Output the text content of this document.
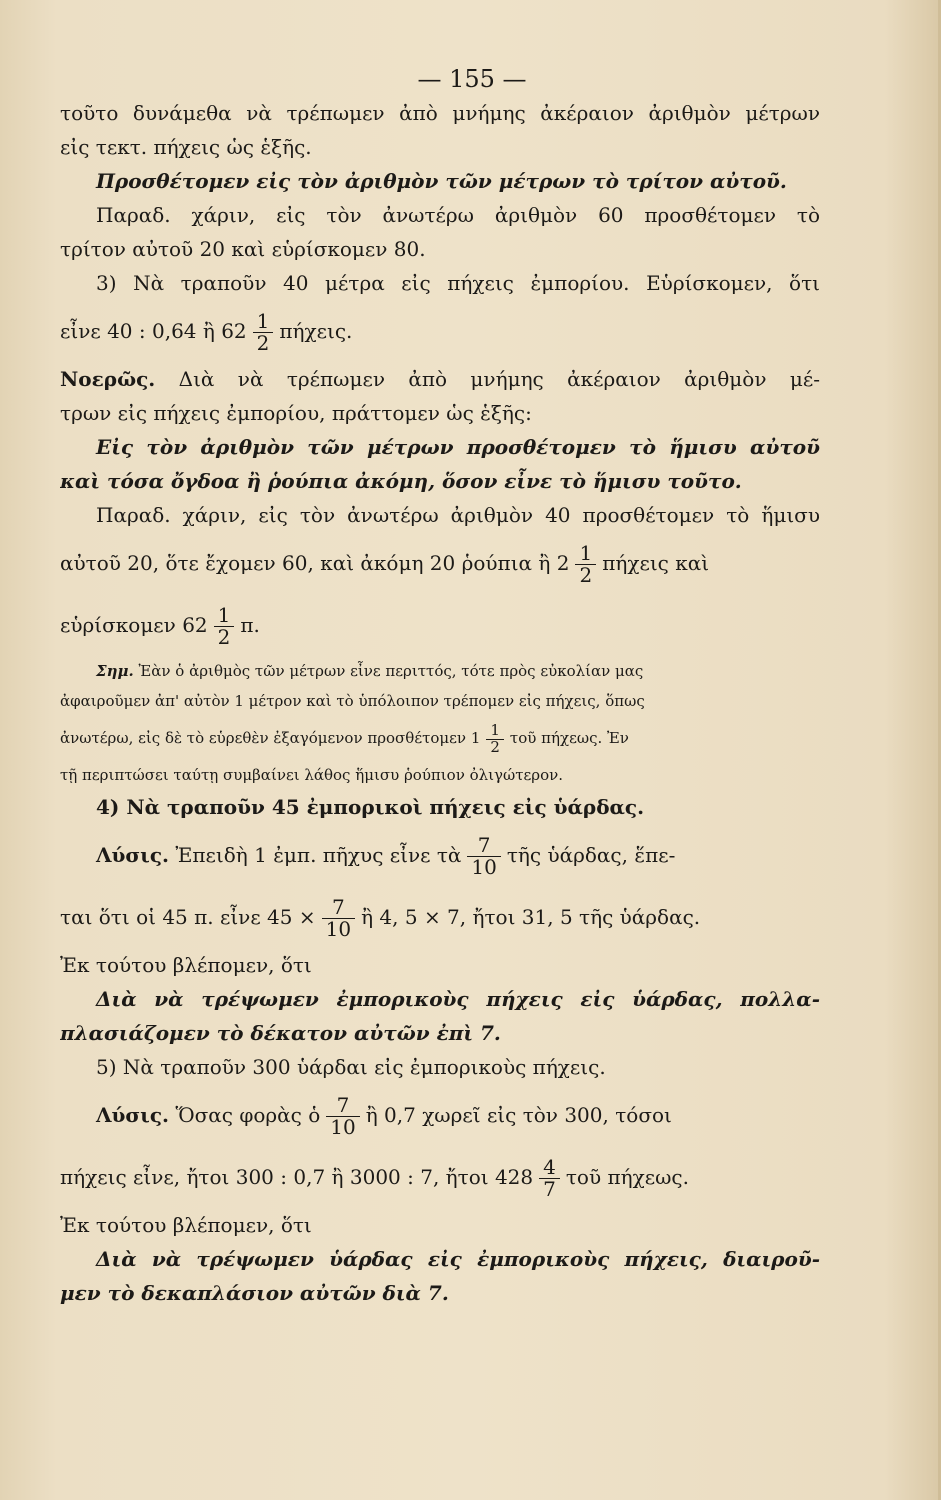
— 155 —
τοῦτο δυνάμεθα νὰ τρέπωμεν ἀπὸ μνήμης ἀκέραιον ἀριθμὸν μέτρων
εἰς τεκτ. πήχεις ὡς ἑξῆς.
Προσθέτομεν εἰς τὸν ἀριθμὸν τῶν μέτρων τὸ τρίτον αὐτοῦ.
Παραδ. χάριν, εἰς τὸν ἀνωτέρω ἀριθμὸν 60 προσθέτομεν τὸ
τρίτον αὐτοῦ 20 καὶ εὑρίσκομεν 80.
3) Νὰ τραποῦν 40 μέτρα εἰς πήχεις ἐμπορίου. Εὑρίσκομεν, ὅτι
εἶνε 40 : 0,64 ἢ $62 \frac{1}{2} \pi ή\chi\varepsilon\iota\varsigma$.
Νοερῶς. Διὰ νὰ τρέπωμεν ἀπὸ μνήμης ἀκέραιον ἀριθμὸν μέ-
τρων εἰς πήχεις ἐμπορίου, πράττομεν ὡς ἑξῆς:
Εἰς τὸν ἀριθμὸν τῶν μέτρων προσθέτομεν τὸ ἥμισυ αὐτοῦ
καὶ τόσα ὄγδοα ἢ ῥούπια ἀκόμη, ὅσον εἶνε τὸ ἥμισυ τοῦτο.
Παραδ. χάριν, εἰς τὸν ἀνωτέρω ἀριθμὸν 40 προσθέτομεν τὸ ἥμισυ
αὐτοῦ 20, ὅτε ἔχομεν 60, καὶ ἀκόμη 20 ῥούπια ἢ $2 \frac{1}{2}$ πήχεις καὶ
εὑρίσκομεν $62 \frac{1}{2} \pi$.
Σημ. Ἐὰν ὁ ἀριθμὸς τῶν μέτρων εἶνε περιττός, τότε πρὸς εὐκολίαν μας
ἀφαιροῦμεν ἀπ' αὐτὸν 1 μέτρον καὶ τὸ ὑπόλοιπον τρέπομεν εἰς πήχεις, ὅπως
ἀνωτέρω, εἰς δὲ τὸ εὑρεθὲν ἐξαγόμενον προσθέτομεν $1 \frac{1}{2}$ τοῦ πήχεως. Ἐν
τῇ περιπτώσει ταύτῃ συμβαίνει λάθος ἥμισυ ῥούπιον ὀλιγώτερον.
4) Νὰ τραποῦν 45 ἐμπορικοὶ πήχεις εἰς ὑάρδας.
Λύσις. Ἐπειδὴ 1 ἐμπ. πῆχυς εἶνε τὰ $\frac{7}{10}$ τῆς ὑάρδας, ἕπε-
ται ὅτι οἱ 45 π. εἶνε $45 \times \frac{7}{10}$ ἢ 4, 5 × 7, ἤτοι 31, 5 τῆς ὑάρδας.
Ἐκ τούτου βλέπομεν, ὅτι
Διὰ νὰ τρέψωμεν ἐμπορικοὺς πήχεις εἰς ὑάρδας, πολλα-
πλασιάζομεν τὸ δέκατον αὐτῶν ἐπὶ 7.
5) Νὰ τραποῦν 300 ὑάρδαι εἰς ἐμπορικοὺς πήχεις.
Λύσις. Ὅσας φορὰς ὁ $\frac{7}{10}$ ἢ 0,7 χωρεῖ εἰς τὸν 300, τόσοι
πήχεις εἶνε, ἤτοι 300 : 0,7 ἢ 3000 : 7, ἤτοι $428 \frac{4}{7}$ τοῦ πήχεως.
Ἐκ τούτου βλέπομεν, ὅτι
Διὰ νὰ τρέψωμεν ὑάρδας εἰς ἐμπορικοὺς πήχεις, διαιροῦ-
μεν τὸ δεκαπλάσιον αὐτῶν διὰ 7.
